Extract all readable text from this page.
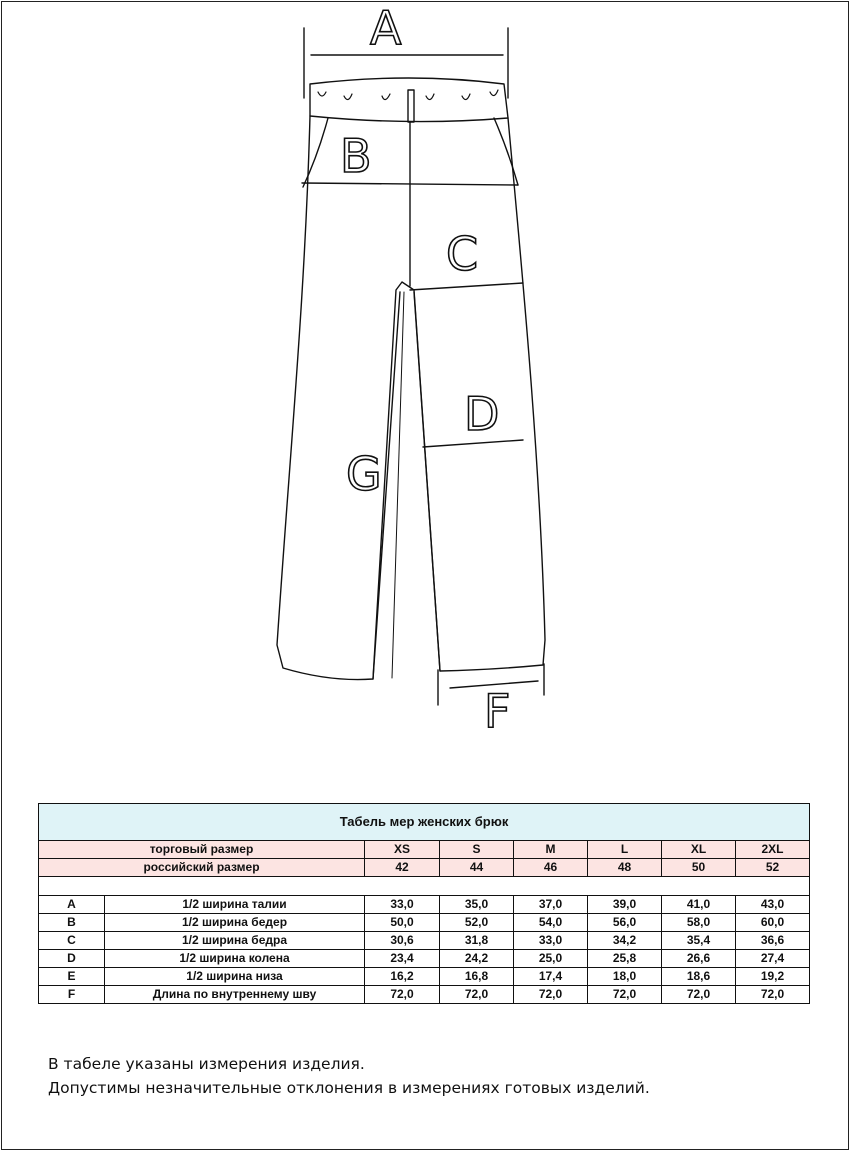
A
B
C
D
G
F
Табель мер женских брюк							
торговый размер		XS	S	M	L	XL	2XL
российский размер		42	44	46	48	50	52

A	1/2 ширина талии	33,0	35,0	37,0	39,0	41,0	43,0
B	1/2 ширина бедер	50,0	52,0	54,0	56,0	58,0	60,0
C	1/2 ширина бедра	30,6	31,8	33,0	34,2	35,4	36,6
D	1/2 ширина колена	23,4	24,2	25,0	25,8	26,6	27,4
E	1/2 ширина низа	16,2	16,8	17,4	18,0	18,6	19,2
F	Длина по внутреннему шву	72,0	72,0	72,0	72,0	72,0	72,0
В табеле указаны измерения изделия.
Допустимы незначительные отклонения в измерениях готовых изделий.
